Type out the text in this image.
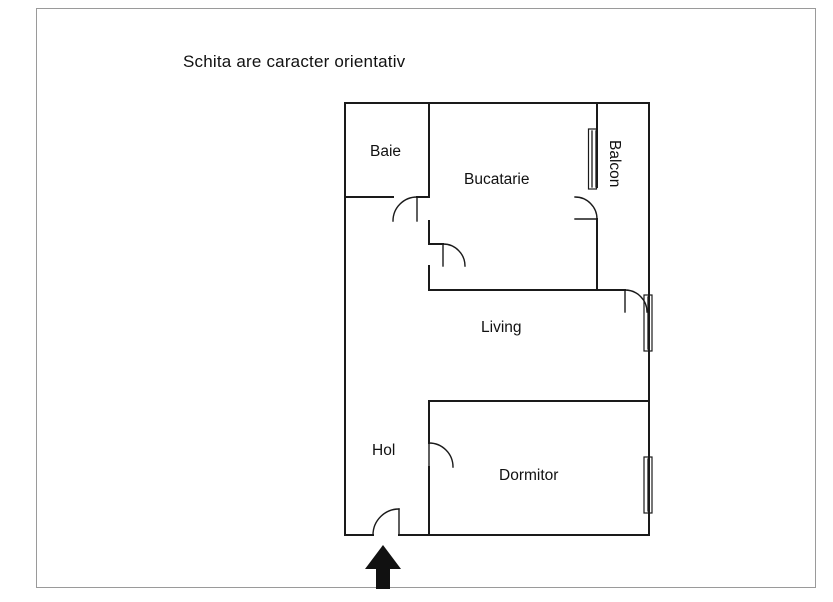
Schita are caracter orientativ
Baie
Bucatarie	Balcon
Living
Hol
Dormitor
